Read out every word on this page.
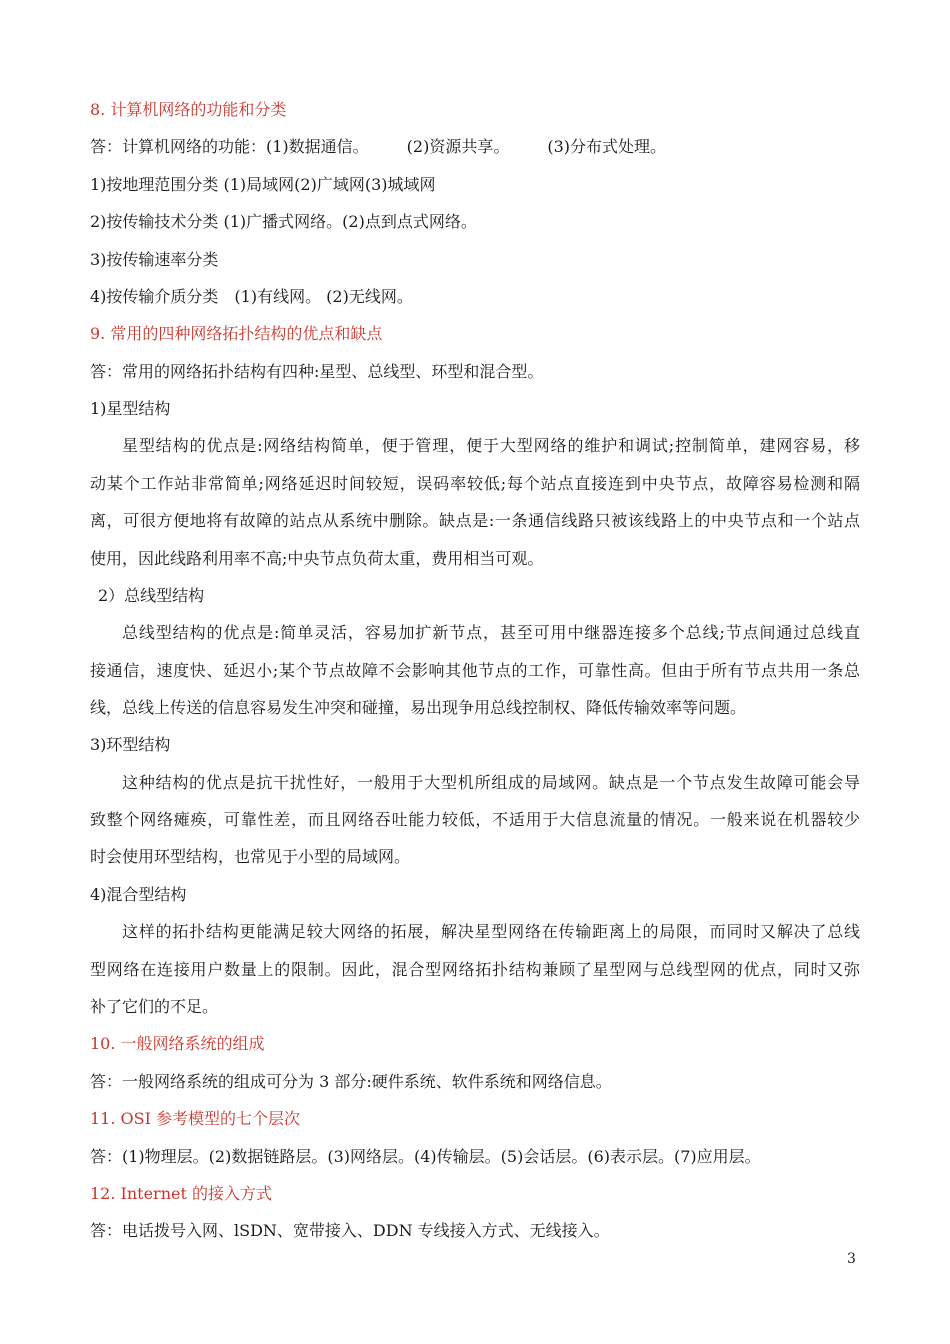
8. 计算机网络的功能和分类
答：计算机网络的功能：(1)数据通信。 (2)资源共享。 (3)分布式处理。
1)按地理范围分类 (1)局域网(2)广域网(3)城域网
2)按传输技术分类 (1)广播式网络。(2)点到点式网络。
3)按传输速率分类
4)按传输介质分类　(1)有线网。 (2)无线网。
9. 常用的四种网络拓扑结构的优点和缺点
答：常用的网络拓扑结构有四种:星型、总线型、环型和混合型。
1)星型结构
星型结构的优点是:网络结构简单，便于管理，便于大型网络的维护和调试;控制简单，建网容易，移
动某个工作站非常简单;网络延迟时间较短，误码率较低;每个站点直接连到中央节点，故障容易检测和隔
离，可很方便地将有故障的站点从系统中删除。缺点是:一条通信线路只被该线路上的中央节点和一个站点
使用，因此线路利用率不高;中央节点负荷太重，费用相当可观。
2）总线型结构
总线型结构的优点是:简单灵活，容易加扩新节点，甚至可用中继器连接多个总线;节点间通过总线直
接通信，速度快、延迟小;某个节点故障不会影响其他节点的工作，可靠性高。但由于所有节点共用一条总
线，总线上传送的信息容易发生冲突和碰撞，易出现争用总线控制权、降低传输效率等问题。
3)环型结构
这种结构的优点是抗干扰性好，一般用于大型机所组成的局域网。缺点是一个节点发生故障可能会导
致整个网络瘫痪，可靠性差，而且网络吞吐能力较低，不适用于大信息流量的情况。一般来说在机器较少
时会使用环型结构，也常见于小型的局域网。
4)混合型结构
这样的拓扑结构更能满足较大网络的拓展，解决星型网络在传输距离上的局限，而同时又解决了总线
型网络在连接用户数量上的限制。因此，混合型网络拓扑结构兼顾了星型网与总线型网的优点，同时又弥
补了它们的不足。
10. 一般网络系统的组成
答：一般网络系统的组成可分为 3 部分:硬件系统、软件系统和网络信息。
11. OSI 参考模型的七个层次
答：(1)物理层。(2)数据链路层。(3)网络层。(4)传输层。(5)会话层。(6)表示层。(7)应用层。
12. Internet 的接入方式
答：电话拨号入网、lSDN、宽带接入、DDN 专线接入方式、无线接入。
3
